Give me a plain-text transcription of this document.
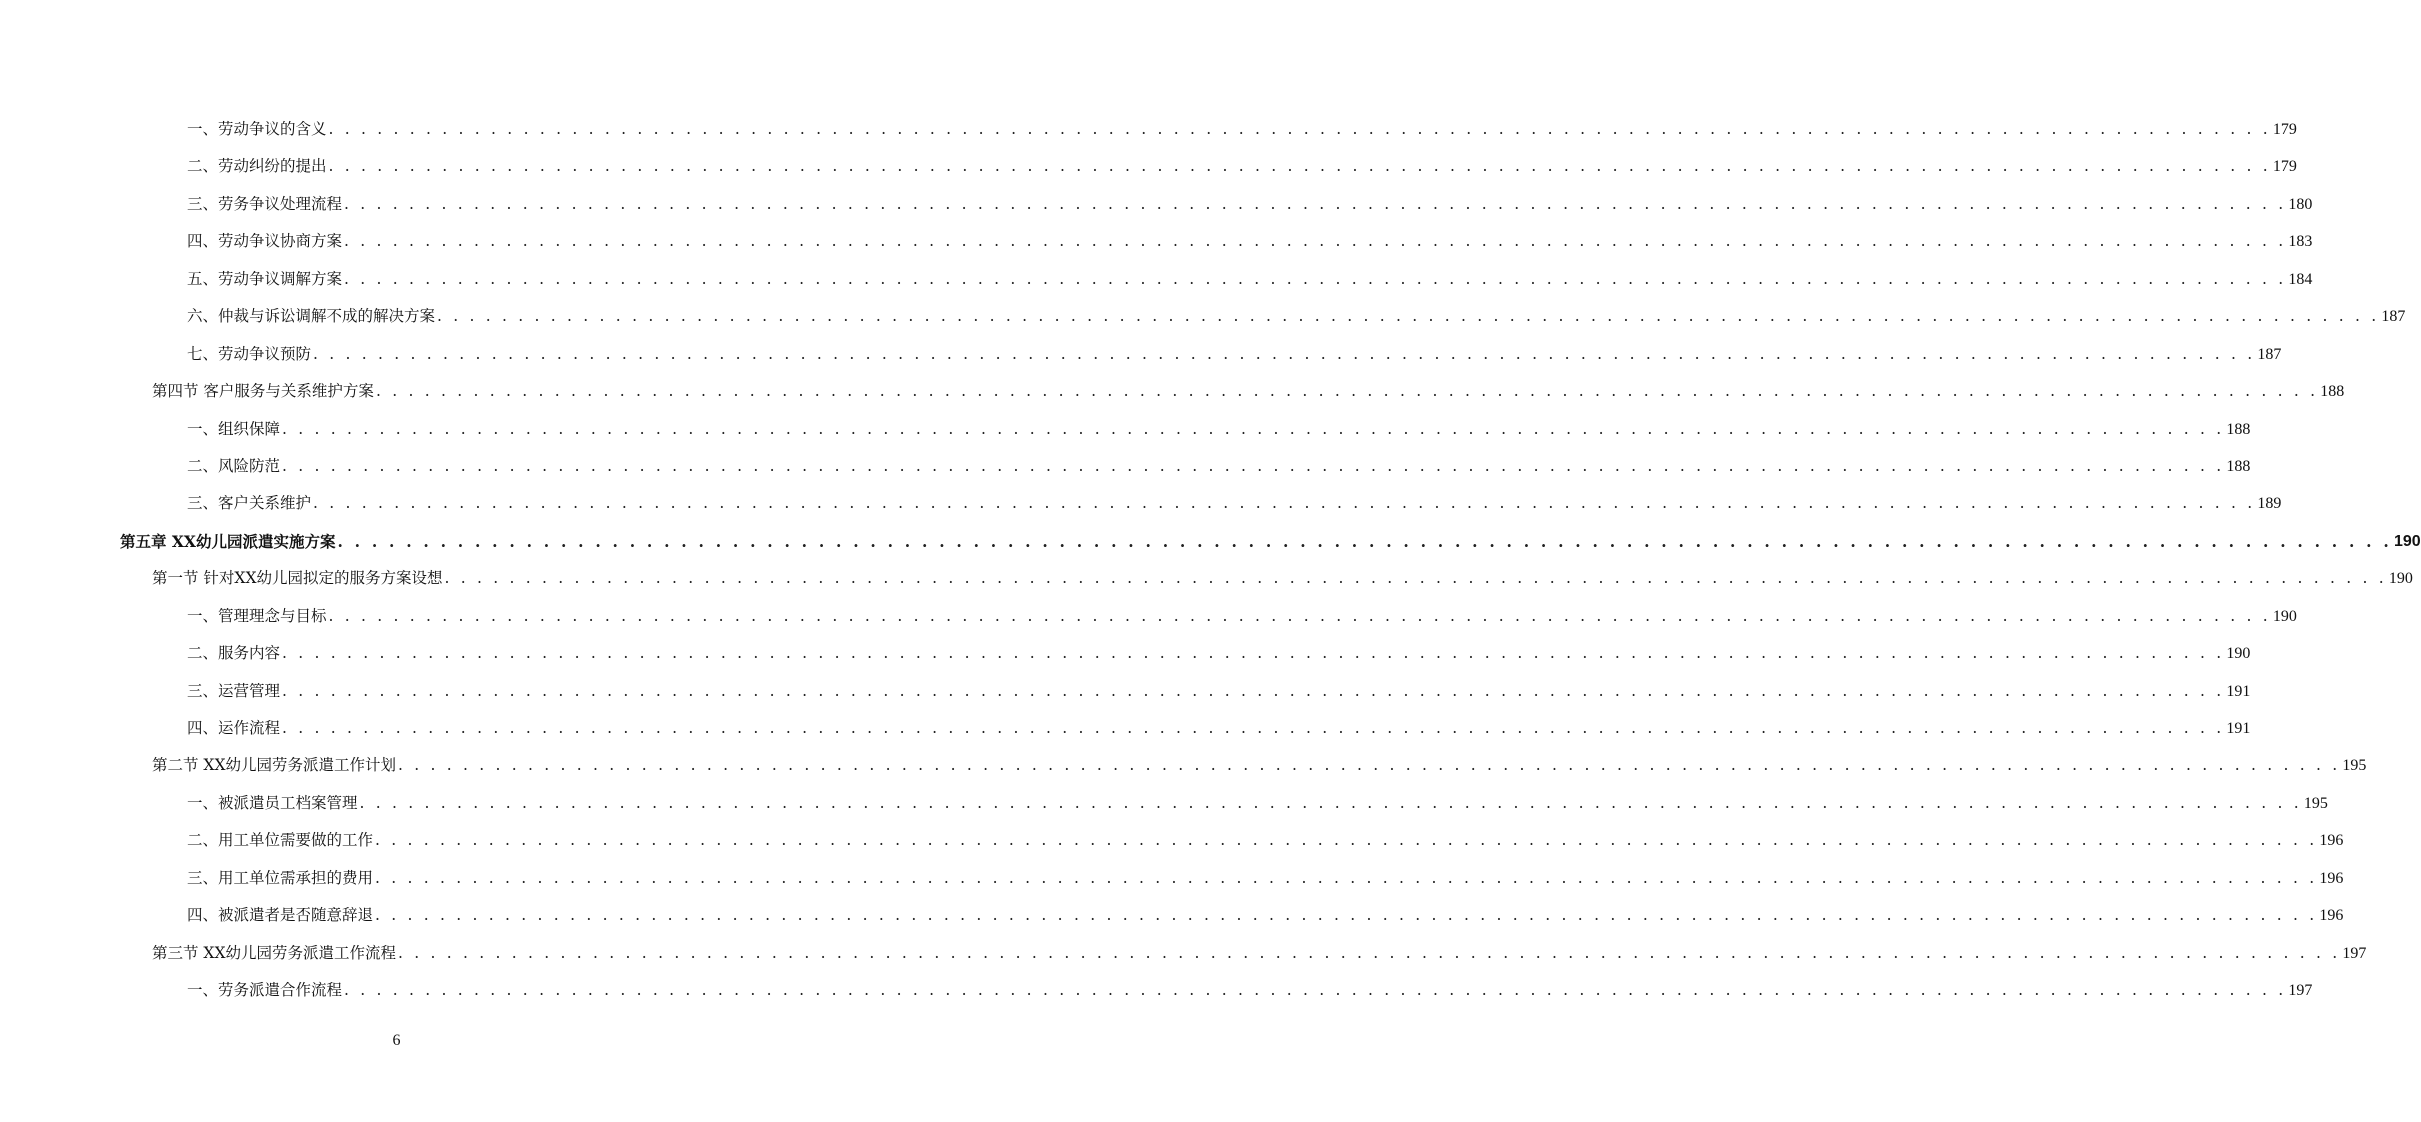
一、劳动争议的含义 . . . . . . . . . . . . . . . . . . . . . . . . . . . . . . . . . . . . . . . . . . . . . . . . . . . . . . . . . . . . . . . . . . . . . . . . . . . . . . . . . . . . . . . . . . . . . . . . . . . . . . . . . . . . . . . . . . . . . . . . 179
二、劳动纠纷的提出 . . . . . . . . . . . . . . . . . . . . . . . . . . . . . . . . . . . . . . . . . . . . . . . . . . . . . . . . . . . . . . . . . . . . . . . . . . . . . . . . . . . . . . . . . . . . . . . . . . . . . . . . . . . . . . . . . . . . . . . . 179
三、劳务争议处理流程 . . . . . . . . . . . . . . . . . . . . . . . . . . . . . . . . . . . . . . . . . . . . . . . . . . . . . . . . . . . . . . . . . . . . . . . . . . . . . . . . . . . . . . . . . . . . . . . . . . . . . . . . . . . . . . . . . . . . . . . . 180
四、劳动争议协商方案 . . . . . . . . . . . . . . . . . . . . . . . . . . . . . . . . . . . . . . . . . . . . . . . . . . . . . . . . . . . . . . . . . . . . . . . . . . . . . . . . . . . . . . . . . . . . . . . . . . . . . . . . . . . . . . . . . . . . . . . . 183
五、劳动争议调解方案 . . . . . . . . . . . . . . . . . . . . . . . . . . . . . . . . . . . . . . . . . . . . . . . . . . . . . . . . . . . . . . . . . . . . . . . . . . . . . . . . . . . . . . . . . . . . . . . . . . . . . . . . . . . . . . . . . . . . . . . . 184
六、仲裁与诉讼调解不成的解决方案 . . . . . . . . . . . . . . . . . . . . . . . . . . . . . . . . . . . . . . . . . . . . . . . . . . . . . . . . . . . . . . . . . . . . . . . . . . . . . . . . . . . . . . . . . . . . . . . . . . . . . . . . . . . . . . . . . . . . . . . . 187
七、劳动争议预防 . . . . . . . . . . . . . . . . . . . . . . . . . . . . . . . . . . . . . . . . . . . . . . . . . . . . . . . . . . . . . . . . . . . . . . . . . . . . . . . . . . . . . . . . . . . . . . . . . . . . . . . . . . . . . . . . . . . . . . . . 187
第四节 客户服务与关系维护方案 . . . . . . . . . . . . . . . . . . . . . . . . . . . . . . . . . . . . . . . . . . . . . . . . . . . . . . . . . . . . . . . . . . . . . . . . . . . . . . . . . . . . . . . . . . . . . . . . . . . . . . . . . . . . . . . . . . . . . . . . 188
一、组织保障 . . . . . . . . . . . . . . . . . . . . . . . . . . . . . . . . . . . . . . . . . . . . . . . . . . . . . . . . . . . . . . . . . . . . . . . . . . . . . . . . . . . . . . . . . . . . . . . . . . . . . . . . . . . . . . . . . . . . . . . . 188
二、风险防范 . . . . . . . . . . . . . . . . . . . . . . . . . . . . . . . . . . . . . . . . . . . . . . . . . . . . . . . . . . . . . . . . . . . . . . . . . . . . . . . . . . . . . . . . . . . . . . . . . . . . . . . . . . . . . . . . . . . . . . . . 188
三、客户关系维护 . . . . . . . . . . . . . . . . . . . . . . . . . . . . . . . . . . . . . . . . . . . . . . . . . . . . . . . . . . . . . . . . . . . . . . . . . . . . . . . . . . . . . . . . . . . . . . . . . . . . . . . . . . . . . . . . . . . . . . . . 189
第五章 XX幼儿园派遣实施方案 . . . . . . . . . . . . . . . . . . . . . . . . . . . . . . . . . . . . . . . . . . . . . . . . . . . . . . . . . . . . . . . . . . . . . . . . . . . . . . . . . . . . . . . . . . . . . . . . . . . . . . . . . . . . . . . . . . . . . . . . 190
第一节 针对XX幼儿园拟定的服务方案设想 . . . . . . . . . . . . . . . . . . . . . . . . . . . . . . . . . . . . . . . . . . . . . . . . . . . . . . . . . . . . . . . . . . . . . . . . . . . . . . . . . . . . . . . . . . . . . . . . . . . . . . . . . . . . . . . . . . . . . . . . 190
一、管理理念与目标 . . . . . . . . . . . . . . . . . . . . . . . . . . . . . . . . . . . . . . . . . . . . . . . . . . . . . . . . . . . . . . . . . . . . . . . . . . . . . . . . . . . . . . . . . . . . . . . . . . . . . . . . . . . . . . . . . . . . . . . . 190
二、服务内容 . . . . . . . . . . . . . . . . . . . . . . . . . . . . . . . . . . . . . . . . . . . . . . . . . . . . . . . . . . . . . . . . . . . . . . . . . . . . . . . . . . . . . . . . . . . . . . . . . . . . . . . . . . . . . . . . . . . . . . . . 190
三、运营管理 . . . . . . . . . . . . . . . . . . . . . . . . . . . . . . . . . . . . . . . . . . . . . . . . . . . . . . . . . . . . . . . . . . . . . . . . . . . . . . . . . . . . . . . . . . . . . . . . . . . . . . . . . . . . . . . . . . . . . . . . 191
四、运作流程 . . . . . . . . . . . . . . . . . . . . . . . . . . . . . . . . . . . . . . . . . . . . . . . . . . . . . . . . . . . . . . . . . . . . . . . . . . . . . . . . . . . . . . . . . . . . . . . . . . . . . . . . . . . . . . . . . . . . . . . . 191
第二节 XX幼儿园劳务派遣工作计划 . . . . . . . . . . . . . . . . . . . . . . . . . . . . . . . . . . . . . . . . . . . . . . . . . . . . . . . . . . . . . . . . . . . . . . . . . . . . . . . . . . . . . . . . . . . . . . . . . . . . . . . . . . . . . . . . . . . . . . . . 195
一、被派遣员工档案管理 . . . . . . . . . . . . . . . . . . . . . . . . . . . . . . . . . . . . . . . . . . . . . . . . . . . . . . . . . . . . . . . . . . . . . . . . . . . . . . . . . . . . . . . . . . . . . . . . . . . . . . . . . . . . . . . . . . . . . . . . 195
二、用工单位需要做的工作 . . . . . . . . . . . . . . . . . . . . . . . . . . . . . . . . . . . . . . . . . . . . . . . . . . . . . . . . . . . . . . . . . . . . . . . . . . . . . . . . . . . . . . . . . . . . . . . . . . . . . . . . . . . . . . . . . . . . . . . . 196
三、用工单位需承担的费用 . . . . . . . . . . . . . . . . . . . . . . . . . . . . . . . . . . . . . . . . . . . . . . . . . . . . . . . . . . . . . . . . . . . . . . . . . . . . . . . . . . . . . . . . . . . . . . . . . . . . . . . . . . . . . . . . . . . . . . . . 196
四、被派遣者是否随意辞退 . . . . . . . . . . . . . . . . . . . . . . . . . . . . . . . . . . . . . . . . . . . . . . . . . . . . . . . . . . . . . . . . . . . . . . . . . . . . . . . . . . . . . . . . . . . . . . . . . . . . . . . . . . . . . . . . . . . . . . . . 196
第三节 XX幼儿园劳务派遣工作流程 . . . . . . . . . . . . . . . . . . . . . . . . . . . . . . . . . . . . . . . . . . . . . . . . . . . . . . . . . . . . . . . . . . . . . . . . . . . . . . . . . . . . . . . . . . . . . . . . . . . . . . . . . . . . . . . . . . . . . . . . 197
一、劳务派遣合作流程 . . . . . . . . . . . . . . . . . . . . . . . . . . . . . . . . . . . . . . . . . . . . . . . . . . . . . . . . . . . . . . . . . . . . . . . . . . . . . . . . . . . . . . . . . . . . . . . . . . . . . . . . . . . . . . . . . . . . . . . . 197
6
